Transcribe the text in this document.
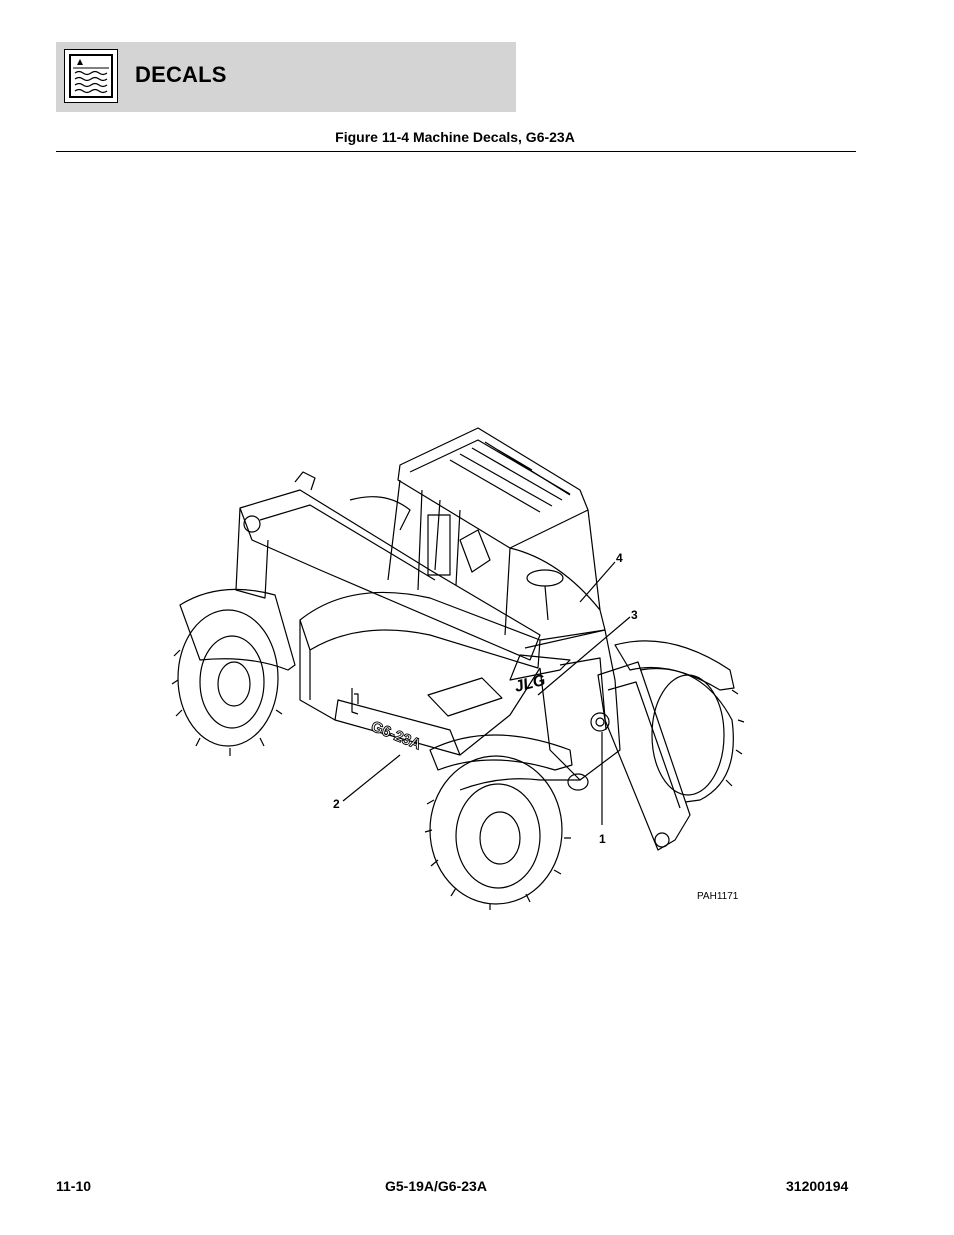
DECALS
Figure 11-4 Machine Decals, G6-23A
G6-23A
JLG
1
2
3
4
PAH1171
11-10	G5-19A/G6-23A	31200194
